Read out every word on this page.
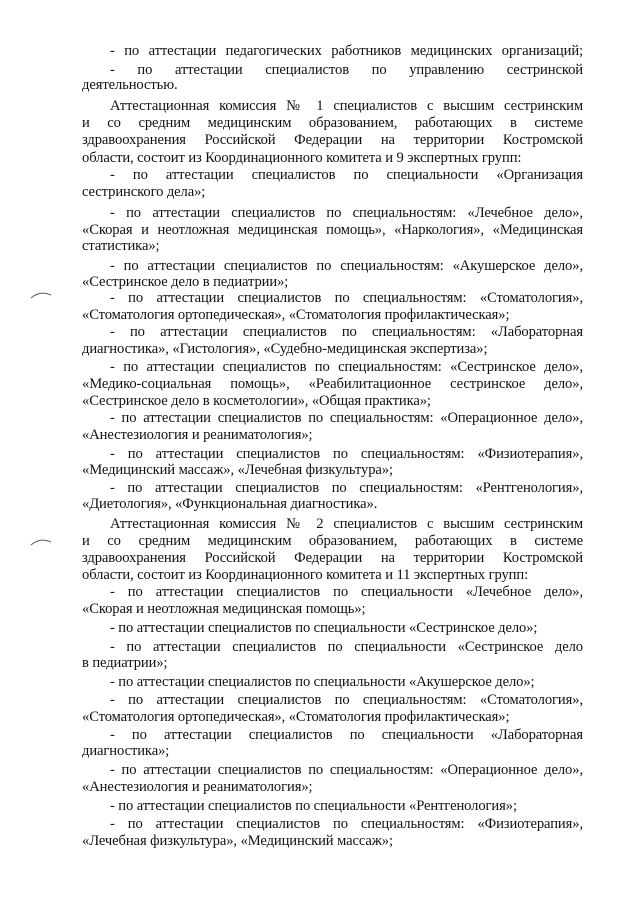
- по аттестации педагогических работников медицинских организаций;
- по аттестации специалистов по управлению сестринской
деятельностью.
Аттестационная комиссия № 1 специалистов с высшим сестринским
и со средним медицинским образованием, работающих в системе
здравоохранения Российской Федерации на территории Костромской
области, состоит из Координационного комитета и 9 экспертных групп:
- по аттестации специалистов по специальности «Организация
сестринского дела»;
- по аттестации специалистов по специальностям: «Лечебное дело»,
«Скорая и неотложная медицинская помощь», «Наркология», «Медицинская
статистика»;
- по аттестации специалистов по специальностям: «Акушерское дело»,
«Сестринское дело в педиатрии»;
- по аттестации специалистов по специальностям: «Стоматология»,
«Стоматология ортопедическая», «Стоматология профилактическая»;
- по аттестации специалистов по специальностям: «Лабораторная
диагностика», «Гистология», «Судебно-медицинская экспертиза»;
- по аттестации специалистов по специальностям: «Сестринское дело»,
«Медико-социальная помощь», «Реабилитационное сестринское дело»,
«Сестринское дело в косметологии», «Общая практика»;
- по аттестации специалистов по специальностям: «Операционное дело»,
«Анестезиология и реаниматология»;
- по аттестации специалистов по специальностям: «Физиотерапия»,
«Медицинский массаж», «Лечебная физкультура»;
- по аттестации специалистов по специальностям: «Рентгенология»,
«Диетология», «Функциональная диагностика».
Аттестационная комиссия № 2 специалистов с высшим сестринским
и со средним медицинским образованием, работающих в системе
здравоохранения Российской Федерации на территории Костромской
области, состоит из Координационного комитета и 11 экспертных групп:
- по аттестации специалистов по специальности «Лечебное дело»,
«Скорая и неотложная медицинская помощь»;
- по аттестации специалистов по специальности «Сестринское дело»;
- по аттестации специалистов по специальности «Сестринское дело
в педиатрии»;
- по аттестации специалистов по специальности «Акушерское дело»;
- по аттестации специалистов по специальностям: «Стоматология»,
«Стоматология ортопедическая», «Стоматология профилактическая»;
- по аттестации специалистов по специальности «Лабораторная
диагностика»;
- по аттестации специалистов по специальностям: «Операционное дело»,
«Анестезиология и реаниматология»;
- по аттестации специалистов по специальности «Рентгенология»;
- по аттестации специалистов по специальностям: «Физиотерапия»,
«Лечебная физкультура», «Медицинский массаж»;
